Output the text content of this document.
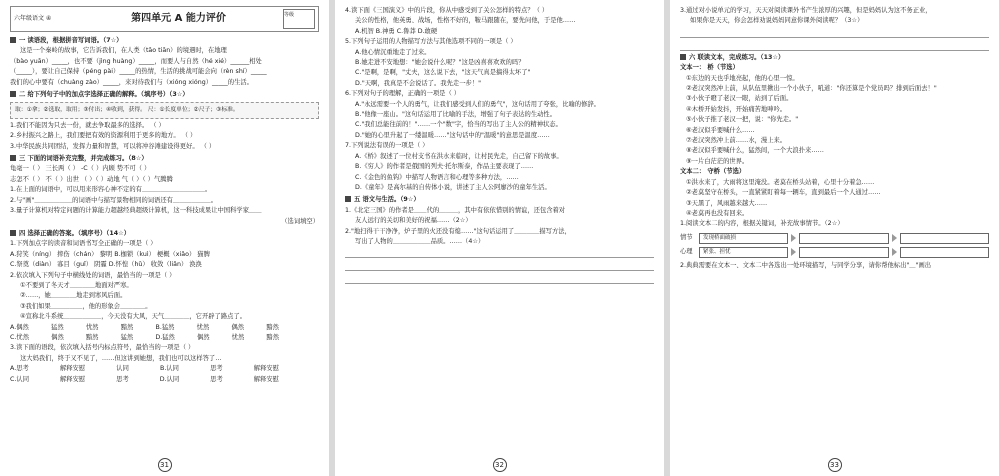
六年级语文 ④	第四单元 A 能力评价	等级
一 读语段，根据拼音写词语。（7☆）

这是一个秦岭的故事，它告诉我们，在人类（tāo tiān）的境遇时，在地理

（bào yuān）_____，也不要（jìng huàng）_____，而要人与自然（hé xié）______相处

（_____），要让自己保持（péng pài）_____的热情，生活的挑战可能会向（rèn shí）_____

我们的心中要有（chuàng zào）_____，来对待我们与（xióng xióng）_____的生活。

二 给下列句子中的加点字选择正确的解释。（填序号）（3☆）
取：①拿；②选取，取用；③付出；④收到，获得。 尺：①长度单位；②尺子；③标准。

1.我们不能因为只去一份，就去争取最多的选择。 （ ）

2.乡村振兴之路上，我们要把有效的资源利用于更多的地方。 （ ）

3.中华民族共同团结，发挥力量和智慧，可以将冲谷滩建设得更好。 （ ）

三 下面的词语补充完整，并完成练习。（8☆）

龟毫一（ ） 三长两（ ） -C（ ）内顾 势不可（ ）

志怎不（ ） 不（ ）出世 （ ）（ ）动地 气（ ）（ ）气腾腾

1.在上面的词语中，可以用来形容心神不定的有＿＿＿＿＿＿＿＿＿＿。

2.与"画"＿＿＿＿＿＿的词语中与描写景物相同的词语还有＿＿＿＿＿＿。

3.量子计算机对特定问题的计算能力超越经典超级计算机，这一科技成果让中国科学家＿＿

（选词填空）

四 选择正确的答案。（填序号）（14☆）

1.下列加点字的读音和词语书写全正确的一项是（ ）

A.狩笑（níng） 摔伤（chán） 黎明 B.枷锁（kuì） 梗概（xiǎo） 猫脾

C.祭奠（diàn） 寡目（guǐ） 阴霾 D.怀惶（hǔ） 收敛（liǎn） 涣涣

2.依次填入下列句子中横线处的词语，最恰当的一项是（ ）

①不要到了冬天才＿＿＿＿地面对严寒。

②……，她＿＿＿＿地走到寒风后面。

③我们如果＿＿＿＿＿，他的形象会＿＿＿＿。

④宣称北斗系统＿＿＿＿＿＿，今天没有大风，天气＿＿＿＿，它开辟了路点了。

A.偶然	猛然	忧然	黯然	B.猛然	忧然	偶然	黯然
C.忧然	偶然	黯然	猛然	D.猛然	偶然	忧然	黯然

3.读下面的语段，依次填入括号内标点符号，最恰当的一项是（ ）

这大妈我们，终于又不见了，……但这讲到她想，我们也可以这样答了…

A.思考	解释安慰	认同	B.认同	思考	解释安慰
C.认同	解释安慰	思考	D.认同	思考	解释安慰
31

4.读下面《三国演义》中的片段，你从中感受到了关公怎样的特点？（ ）

关公的性格，他英勇、战场，性格不好的，鞍马跟随在，要先问他，于是他……

A.机智 B.神勇 C.鲁莽 D.敢硬

5.下列句子运用的人物描写方法与其他选项不同的一项是（ ）

A.他心情沉重地走了过来。

B.她走进不安地想："她会说什么呢？"这是凶喜喜欢欢的吗？

C."是啊，是啊，"丈夫，这么说下去，"这天气真是搞得太坏了"

D."天啊，我真是不会说话了。我先走一步！"

6.下列对句子的理解，正确的一项是（ ）

A."永远需要一个人的勇气，让我们感受到人们的勇气"，这句话用了夸张，比喻的修辞。

B."他像一座山。"这句话运用了比喻的手法，增强了句子表达的生动性。

C."我们总能往前的！"……一个"数"字，恰当的写出了主人公的精神状态。

D."她的心里升起了一缕温暖……"这句话中的"温暖"的意思是温度……

7.下列说法有误的一项是（ ）

A.《桥》叙述了一位村支书在洪水来临时，让村民先走，自己留下的故事。

B.《穷人》的作者是俄国的列夫·托尔斯泰，作品主要表现了……

C.《金色的鱼钩》中描写人物语言和心理等多种方法，……

D.《童年》是高尔基的自传体小说，讲述了主人公阿廖沙的童年生活。

五 语文与生活。（9☆）

1.《北定三国》的作者是＿＿代的＿＿＿，其中有依依惜别的情谊，还包含着对

友人远行的关切和美好的祝福……（2☆）

2."地扫得干干净净，炉子里的火还没有熄……"这句话运用了＿＿＿＿描写方法，

写出了人物的＿＿＿＿＿＿品质。……（4☆）

32

3.通过对小说单元的学习，天天对阅读课外书产生浓厚的兴趣，但是妈妈认为这不务正业，

如果你是天天，你会怎样劝说妈妈同意你课外阅读呢？（3☆）

六 联读文本，完成练习。（13☆）

文本一： 桥（节选）

①东边的天也乎地亮起，他的心里一惊。

②老汉突然冲上前，从队伍里揪出一个小伙子，吼道："你还算是个党员吗？排到后面去！"

③小伙子瞪了老汉一眼，站到了后面。

④木桥开始发抖，开始痛苦地呻吟。

⑤小伙子推了老汉一把，说："你先走。"

⑥老汉似乎要喊什么……

⑦老汉突然冲上前……水，漫上来。

⑧老汉似乎要喊什么，猛然间，一个大浪扑来……

⑨一片白茫茫的世界。

文本二： 守桥（节选）

①洪水来了，大雨将这里淹没。老莫在桥头站着，心里十分着急……

②老莫坚守在桥头，一直紧紧盯着每一辆车，直到最后一个人通过……

③天黑了，风雨越来越大……

④老莫再也没有回来。

1.阅读文本二的内容，根据关键词，补充故事情节。（2☆）

情节	发现桥面破损
心理	紧张、担忧

2.典典需要在文本一、文本二中各选出一处环境描写，与同学分享，请你帮他标出"＿"画出

33
